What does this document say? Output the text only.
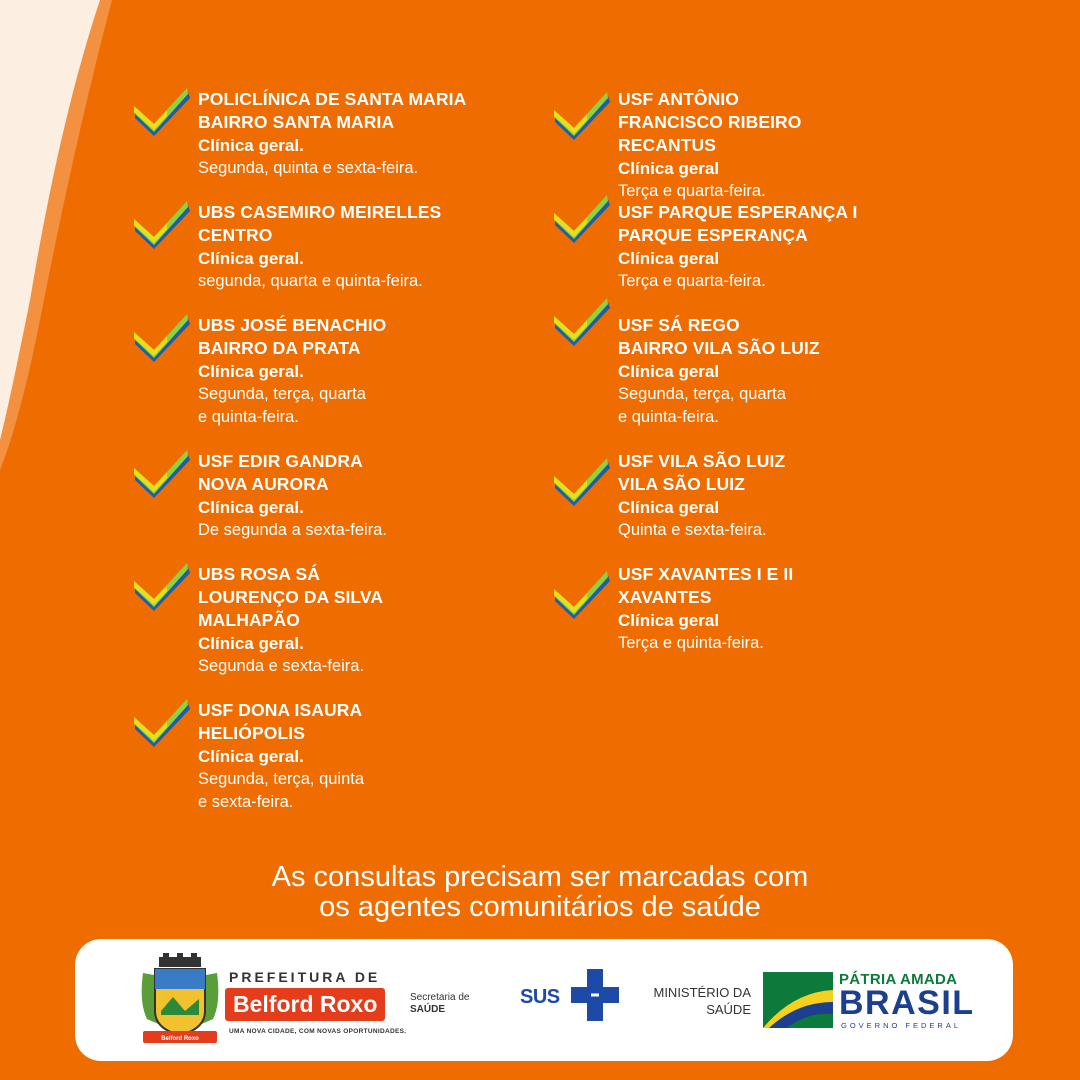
POLICLÍNICA DE SANTA MARIA
BAIRRO SANTA MARIA
Clínica geral.
Segunda, quinta e sexta-feira.
UBS CASEMIRO MEIRELLES
CENTRO
Clínica geral.
segunda, quarta e quinta-feira.
UBS JOSÉ BENACHIO
BAIRRO DA PRATA
Clínica geral.
Segunda, terça, quarta
e quinta-feira.
USF EDIR GANDRA
NOVA AURORA
Clínica geral.
De segunda a sexta-feira.
UBS ROSA SÁ
LOURENÇO DA SILVA
MALHAPÃO
Clínica geral.
Segunda e sexta-feira.
USF DONA ISAURA
HELIÓPOLIS
Clínica geral.
Segunda, terça, quinta
e sexta-feira.
USF ANTÔNIO
FRANCISCO RIBEIRO
RECANTUS
Clínica geral
Terça e quarta-feira.
USF PARQUE ESPERANÇA I
PARQUE ESPERANÇA
Clínica geral
Terça e quarta-feira.
USF SÁ REGO
BAIRRO VILA SÃO LUIZ
Clínica geral
Segunda, terça, quarta
e quinta-feira.
USF VILA SÃO LUIZ
VILA SÃO LUIZ
Clínica geral
Quinta e sexta-feira.
USF XAVANTES I E II
XAVANTES
Clínica geral
Terça e quinta-feira.
As consultas precisam ser marcadas com
os agentes comunitários de saúde
Belford Roxo
PREFEITURA DE
Belford Roxo
UMA NOVA CIDADE, COM NOVAS OPORTUNIDADES.
Secretaria de
SAÚDE
SUS	MINISTÉRIO DA
SAÚDE
PÁTRIA AMADA
BRASIL
GOVERNO FEDERAL
